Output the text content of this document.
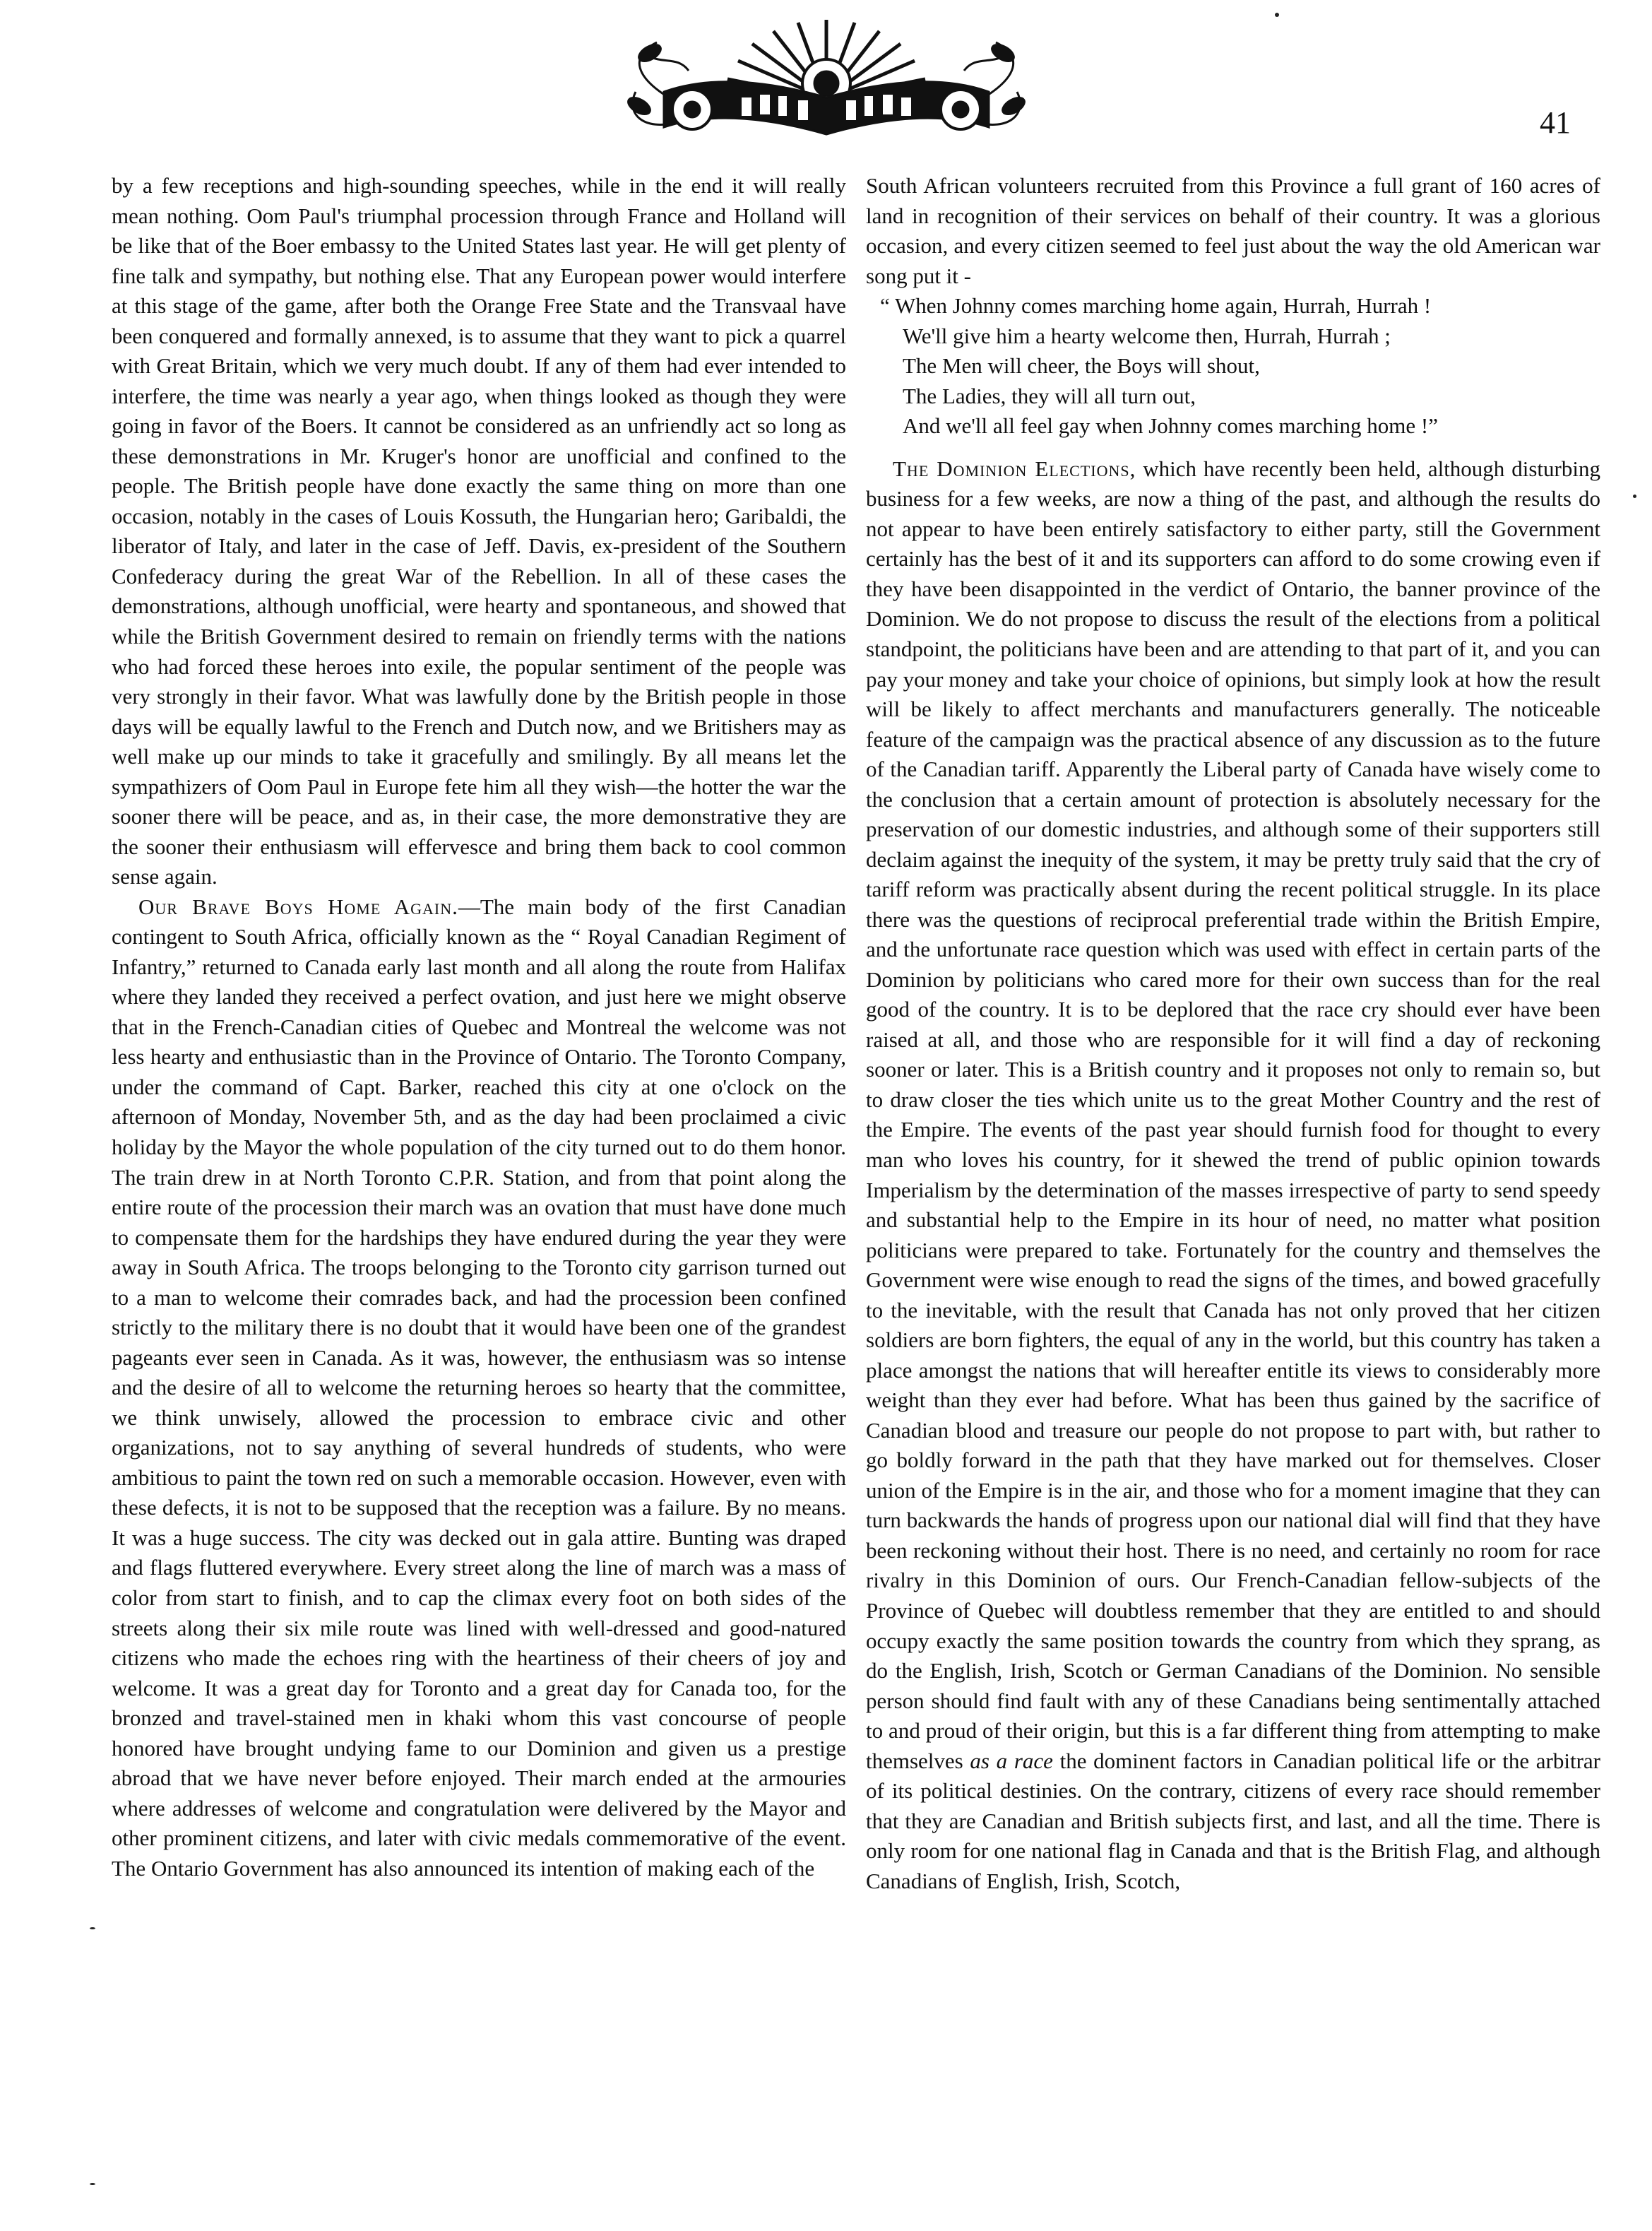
41

by a few receptions and high-sounding speeches, while in the end it will really mean nothing. Oom Paul's triumphal procession through France and Holland will be like that of the Boer embassy to the United States last year. He will get plenty of fine talk and sympathy, but nothing else. That any European power would interfere at this stage of the game, after both the Orange Free State and the Transvaal have been conquered and formally annexed, is to assume that they want to pick a quarrel with Great Britain, which we very much doubt. If any of them had ever intended to interfere, the time was nearly a year ago, when things looked as though they were going in favor of the Boers. It cannot be considered as an unfriendly act so long as these demonstrations in Mr. Kruger's honor are unofficial and confined to the people. The British people have done exactly the same thing on more than one occasion, notably in the cases of Louis Kossuth, the Hungarian hero; Garibaldi, the liberator of Italy, and later in the case of Jeff. Davis, ex-president of the Southern Confederacy during the great War of the Rebellion. In all of these cases the demonstrations, although unofficial, were hearty and spontaneous, and showed that while the British Government desired to remain on friendly terms with the nations who had forced these heroes into exile, the popular sentiment of the people was very strongly in their favor. What was lawfully done by the British people in those days will be equally lawful to the French and Dutch now, and we Britishers may as well make up our minds to take it gracefully and smilingly. By all means let the sympathizers of Oom Paul in Europe fete him all they wish—the hotter the war the sooner there will be peace, and as, in their case, the more demonstrative they are the sooner their enthusiasm will effervesce and bring them back to cool common sense again.

Our Brave Boys Home Again.—The main body of the first Canadian contingent to South Africa, officially known as the “ Royal Canadian Regiment of Infantry,” returned to Canada early last month and all along the route from Halifax where they landed they received a perfect ovation, and just here we might observe that in the French-Canadian cities of Quebec and Montreal the welcome was not less hearty and enthusiastic than in the Province of Ontario. The Toronto Company, under the command of Capt. Barker, reached this city at one o'clock on the afternoon of Monday, November 5th, and as the day had been proclaimed a civic holiday by the Mayor the whole population of the city turned out to do them honor. The train drew in at North Toronto C.P.R. Station, and from that point along the entire route of the procession their march was an ovation that must have done much to compensate them for the hardships they have endured during the year they were away in South Africa. The troops belonging to the Toronto city garrison turned out to a man to welcome their comrades back, and had the procession been confined strictly to the military there is no doubt that it would have been one of the grandest pageants ever seen in Canada. As it was, however, the enthusiasm was so intense and the desire of all to welcome the returning heroes so hearty that the committee, we think unwisely, allowed the procession to embrace civic and other organizations, not to say anything of several hundreds of students, who were ambitious to paint the town red on such a memorable occasion. However, even with these defects, it is not to be supposed that the reception was a failure. By no means. It was a huge success. The city was decked out in gala attire. Bunting was draped and flags fluttered everywhere. Every street along the line of march was a mass of color from start to finish, and to cap the climax every foot on both sides of the streets along their six mile route was lined with well-dressed and good-natured citizens who made the echoes ring with the heartiness of their cheers of joy and welcome. It was a great day for Toronto and a great day for Canada too, for the bronzed and travel-stained men in khaki whom this vast concourse of people honored have brought undying fame to our Dominion and given us a prestige abroad that we have never before enjoyed. Their march ended at the armouries where addresses of welcome and congratulation were delivered by the Mayor and other prominent citizens, and later with civic medals commemorative of the event. The Ontario Government has also announced its intention of making each of the

South African volunteers recruited from this Province a full grant of 160 acres of land in recognition of their services on behalf of their country. It was a glorious occasion, and every citizen seemed to feel just about the way the old American war song put it -

“ When Johnny comes marching home again, Hurrah, Hurrah !
We'll give him a hearty welcome then, Hurrah, Hurrah ;
The Men will cheer, the Boys will shout,
The Ladies, they will all turn out,
And we'll all feel gay when Johnny comes marching home !”

The Dominion Elections, which have recently been held, although disturbing business for a few weeks, are now a thing of the past, and although the results do not appear to have been entirely satisfactory to either party, still the Government certainly has the best of it and its supporters can afford to do some crowing even if they have been disappointed in the verdict of Ontario, the banner province of the Dominion. We do not propose to discuss the result of the elections from a political standpoint, the politicians have been and are attending to that part of it, and you can pay your money and take your choice of opinions, but simply look at how the result will be likely to affect merchants and manufacturers generally. The noticeable feature of the campaign was the practical absence of any discussion as to the future of the Canadian tariff. Apparently the Liberal party of Canada have wisely come to the conclusion that a certain amount of protection is absolutely necessary for the preservation of our domestic industries, and although some of their supporters still declaim against the inequity of the system, it may be pretty truly said that the cry of tariff reform was practically absent during the recent political struggle. In its place there was the questions of reciprocal preferential trade within the British Empire, and the unfortunate race question which was used with effect in certain parts of the Dominion by politicians who cared more for their own success than for the real good of the country. It is to be deplored that the race cry should ever have been raised at all, and those who are responsible for it will find a day of reckoning sooner or later. This is a British country and it proposes not only to remain so, but to draw closer the ties which unite us to the great Mother Country and the rest of the Empire. The events of the past year should furnish food for thought to every man who loves his country, for it shewed the trend of public opinion towards Imperialism by the determination of the masses irrespective of party to send speedy and substantial help to the Empire in its hour of need, no matter what position politicians were prepared to take. Fortunately for the country and themselves the Government were wise enough to read the signs of the times, and bowed gracefully to the inevitable, with the result that Canada has not only proved that her citizen soldiers are born fighters, the equal of any in the world, but this country has taken a place amongst the nations that will hereafter entitle its views to considerably more weight than they ever had before. What has been thus gained by the sacrifice of Canadian blood and treasure our people do not propose to part with, but rather to go boldly forward in the path that they have marked out for themselves. Closer union of the Empire is in the air, and those who for a moment imagine that they can turn backwards the hands of progress upon our national dial will find that they have been reckoning without their host. There is no need, and certainly no room for race rivalry in this Dominion of ours. Our French-Canadian fellow-subjects of the Province of Quebec will doubtless remember that they are entitled to and should occupy exactly the same position towards the country from which they sprang, as do the English, Irish, Scotch or German Canadians of the Dominion. No sensible person should find fault with any of these Canadians being sentimentally attached to and proud of their origin, but this is a far different thing from attempting to make themselves as a race the dominent factors in Canadian political life or the arbitrar of its political destinies. On the contrary, citizens of every race should remember that they are Canadian and British subjects first, and last, and all the time. There is only room for one national flag in Canada and that is the British Flag, and although Canadians of English, Irish, Scotch,
